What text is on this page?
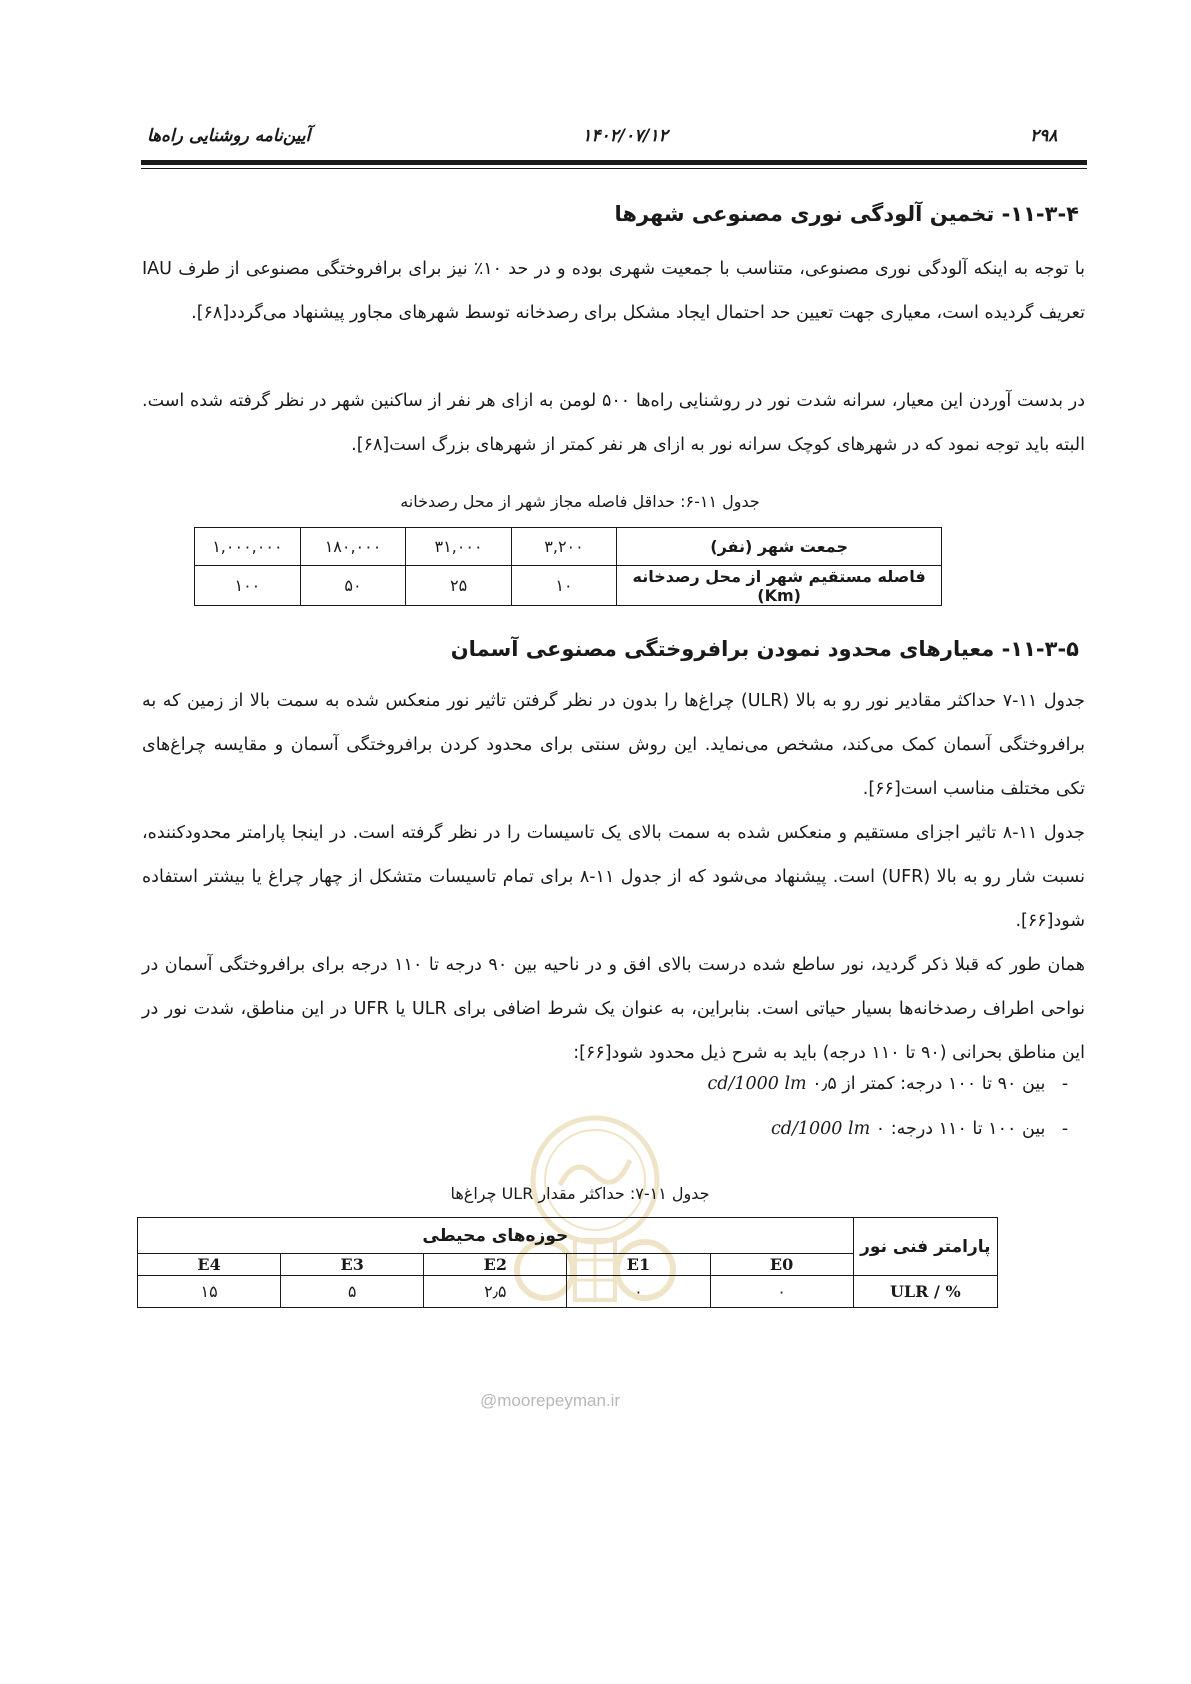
آیین‌نامه روشنایی راه‌ها	۱۴۰۲/۰۷/۱۲	۲۹۸
۱۱-۳-۴- تخمین آلودگی نوری مصنوعی شهرها
با توجه به اینکه آلودگی نوری مصنوعی، متناسب با جمعیت شهری بوده و در حد ۱۰٪ نیز برای برافروختگی مصنوعی از طرف IAU تعریف گردیده است، معیاری جهت تعیین حد احتمال ایجاد مشکل برای رصدخانه توسط شهرهای مجاور پیشنهاد می‌گردد[۶۸].
در بدست آوردن این معیار، سرانه شدت نور در روشنایی راه‌ها ۵۰۰ لومن به ازای هر نفر از ساکنین شهر در نظر گرفته شده است. البته باید توجه نمود که در شهرهای کوچک سرانه نور به ازای هر نفر کمتر از شهرهای بزرگ است[۶۸].
جدول ۱۱-۶: حداقل فاصله مجاز شهر از محل رصدخانه
جمعت شهر (نفر)	۳,۲۰۰	۳۱,۰۰۰	۱۸۰,۰۰۰	۱,۰۰۰,۰۰۰
فاصله مستقیم شهر از محل رصدخانه (Km)	۱۰	۲۵	۵۰	۱۰۰
۱۱-۳-۵- معیارهای محدود نمودن برافروختگی مصنوعی آسمان
جدول ۱۱-۷ حداکثر مقادیر نور رو به بالا (ULR) چراغ‌ها را بدون در نظر گرفتن تاثیر نور منعکس شده به سمت بالا از زمین که به برافروختگی آسمان کمک می‌کند، مشخص می‌نماید. این روش سنتی برای محدود کردن برافروختگی آسمان و مقایسه چراغ‌های تکی مختلف مناسب است[۶۶].
جدول ۱۱-۸ تاثیر اجزای مستقیم و منعکس شده به سمت بالای یک تاسیسات را در نظر گرفته است. در اینجا پارامتر محدودکننده، نسبت شار رو به بالا (UFR) است. پیشنهاد می‌شود که از جدول ۱۱-۸ برای تمام تاسیسات متشکل از چهار چراغ یا بیشتر استفاده شود[۶۶].
همان طور که قبلا ذکر گردید، نور ساطع شده درست بالای افق و در ناحیه بین ۹۰ درجه تا ۱۱۰ درجه برای برافروختگی آسمان در نواحی اطراف رصدخانه‌ها بسیار حیاتی است. بنابراین، به عنوان یک شرط اضافی برای ULR یا UFR در این مناطق، شدت نور در این مناطق بحرانی (۹۰ تا ۱۱۰ درجه) باید به شرح ذیل محدود شود[۶۶]:
- بین ۹۰ تا ۱۰۰ درجه: کمتر از cd/1000 lm ۰٫۵
- بین ۱۰۰ تا ۱۱۰ درجه: cd/1000 lm ۰
جدول ۱۱-۷: حداکثر مقدار ULR چراغ‌ها
پارامتر فنی نور	حوزه‌های محیطی				
	E0	E1	E2	E3	E4
ULR / %	۰	۰	۲٫۵	۵	۱۵
@moorepeyman.ir
